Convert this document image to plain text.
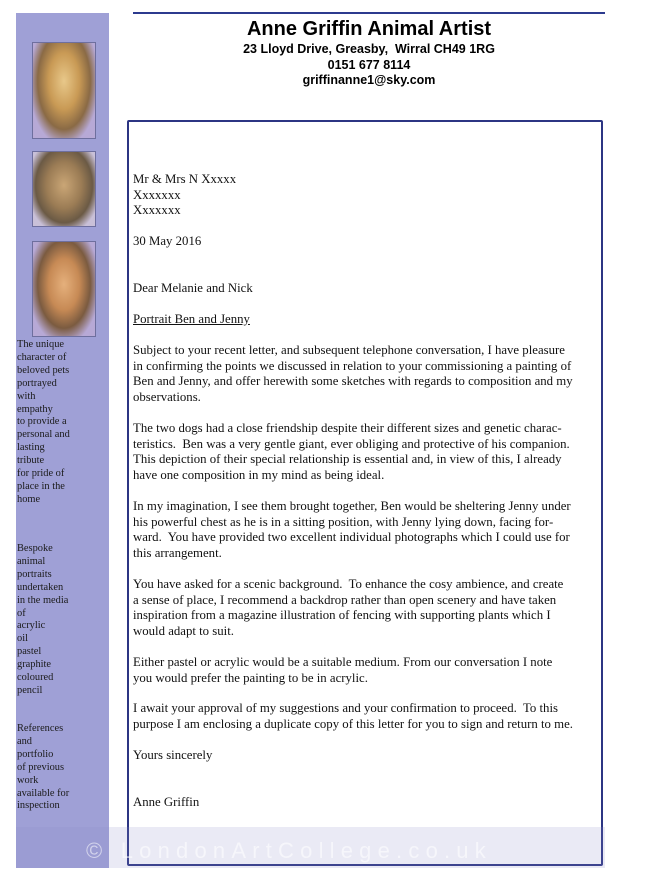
The unique
character of
beloved pets
portrayed
with
empathy
to provide a
personal and
lasting
tribute
for pride of
place in the
home
Bespoke
animal
portraits
undertaken
in the media
of
acrylic
oil
pastel
graphite
coloured
pencil
References
and
portfolio
of previous
work
available for
inspection
Anne Griffin Animal Artist
23 Lloyd Drive, Greasby,  Wirral CH49 1RG
0151 677 8114
griffinanne1@sky.com
Mr & Mrs N Xxxxx
Xxxxxxx
Xxxxxxx
30 May 2016
Dear Melanie and Nick
Portrait Ben and Jenny
Subject to your recent letter, and subsequent telephone conversation, I have pleasure
in confirming the points we discussed in relation to your commissioning a painting of
Ben and Jenny, and offer herewith some sketches with regards to composition and my
observations.
The two dogs had a close friendship despite their different sizes and genetic charac-
teristics.  Ben was a very gentle giant, ever obliging and protective of his companion.
This depiction of their special relationship is essential and, in view of this, I already
have one composition in my mind as being ideal.
In my imagination, I see them brought together, Ben would be sheltering Jenny under
his powerful chest as he is in a sitting position, with Jenny lying down, facing for-
ward.  You have provided two excellent individual photographs which I could use for
this arrangement.
You have asked for a scenic background.  To enhance the cosy ambience, and create
a sense of place, I recommend a backdrop rather than open scenery and have taken
inspiration from a magazine illustration of fencing with supporting plants which I
would adapt to suit.
Either pastel or acrylic would be a suitable medium. From our conversation I note
you would prefer the painting to be in acrylic.
I await your approval of my suggestions and your confirmation to proceed.  To this
purpose I am enclosing a duplicate copy of this letter for you to sign and return to me.
Yours sincerely
Anne Griffin
© LondonArtCollege.co.uk
